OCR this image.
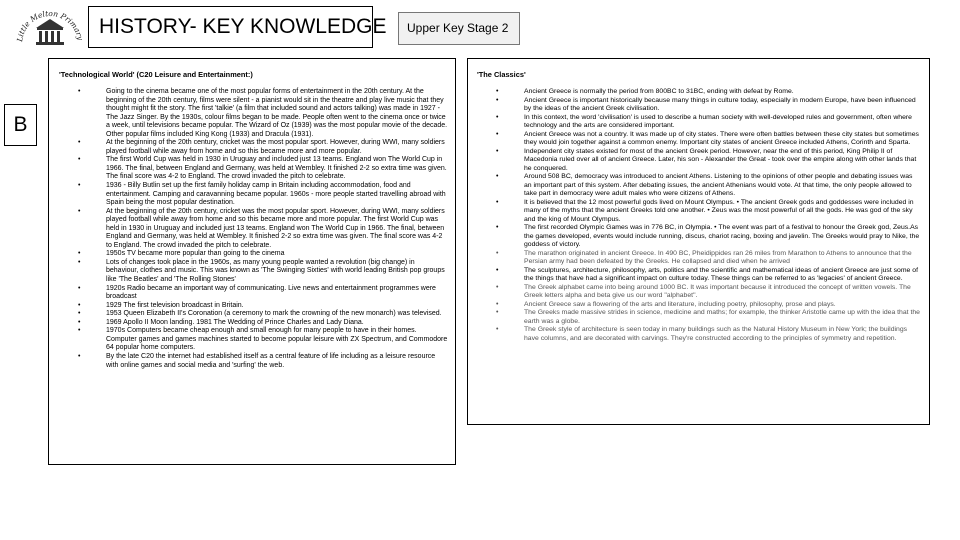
Little Melton Primary
HISTORY- KEY KNOWLEDGE	Upper Key Stage 2
B
'Technological World' (C20 Leisure and Entertainment:)
• Going to the cinema became one of the most popular forms of entertainment in the 20th century. At the beginning of the 20th century, films were silent - a pianist would sit in the theatre and play live music that they thought might fit the story. The first 'talkie' (a film that included sound and actors talking) was made in 1927 - The Jazz Singer. By the 1930s, colour films began to be made. People often went to the cinema once or twice a week, until televisions became popular. The Wizard of Oz (1939) was the most popular movie of the decade. Other popular films included King Kong (1933) and Dracula (1931).
• At the beginning of the 20th century, cricket was the most popular sport. However, during WWI, many soldiers played football while away from home and so this became more and more popular.
• The first World Cup was held in 1930 in Uruguay and included just 13 teams. England won The World Cup in 1966. The final, between England and Germany, was held at Wembley. It finished 2-2 so extra time was given. The final score was 4-2 to England. The crowd invaded the pitch to celebrate.
• 1936 - Billy Butlin set up the first family holiday camp in Britain including accommodation, food and entertainment. Camping and caravanning became popular. 1960s - more people started travelling abroad with Spain being the most popular destination.
• At the beginning of the 20th century, cricket was the most popular sport. However, during WWI, many soldiers played football while away from home and so this became more and more popular. The first World Cup was held in 1930 in Uruguay and included just 13 teams. England won The World Cup in 1966. The final, between England and Germany, was held at Wembley. It finished 2-2 so extra time was given. The final score was 4-2 to England. The crowd invaded the pitch to celebrate.
• 1950s TV became more popular than going to the cinema
• Lots of changes took place in the 1960s, as many young people wanted a revolution (big change) in behaviour, clothes and music. This was known as 'The Swinging Sixties' with world leading British pop groups like 'The Beatles' and 'The Rolling Stones'
• 1920s Radio became an important way of communicating. Live news and entertainment programmes were broadcast
• 1929 The first television broadcast in Britain.
• 1953 Queen Elizabeth II's Coronation (a ceremony to mark the crowning of the new monarch) was televised.
• 1969 Apollo II Moon landing. 1981 The Wedding of Prince Charles and Lady Diana.
• 1970s Computers became cheap enough and small enough for many people to have in their homes. Computer games and games machines started to become popular leisure with ZX Spectrum, and Commodore 64 popular home computers.
• By the late C20 the internet had established itself as a central feature of life including as a leisure resource with online games and social media and 'surfing' the web.
'The Classics'
• Ancient Greece is normally the period from 800BC to 31BC, ending with defeat by Rome.
• Ancient Greece is important historically because many things in culture today, especially in modern Europe, have been influenced by the ideas of the ancient Greek civilisation.
• In this context, the word 'civilisation' is used to describe a human society with well-developed rules and government, often where technology and the arts are considered important.
• Ancient Greece was not a country. It was made up of city states. There were often battles between these city states but sometimes they would join together against a common enemy. Important city states of ancient Greece included Athens, Corinth and Sparta.
• Independent city states existed for most of the ancient Greek period. However, near the end of this period, King Philip II of Macedonia ruled over all of ancient Greece. Later, his son - Alexander the Great - took over the empire along with other lands that he conquered.
• Around 508 BC, democracy was introduced to ancient Athens. Listening to the opinions of other people and debating issues was an important part of this system. After debating issues, the ancient Athenians would vote. At that time, the only people allowed to take part in democracy were adult males who were citizens of Athens.
• It is believed that the 12 most powerful gods lived on Mount Olympus. • The ancient Greek gods and goddesses were included in many of the myths that the ancient Greeks told one another. • Zeus was the most powerful of all the gods. He was god of the sky and the king of Mount Olympus.
• The first recorded Olympic Games was in 776 BC, in Olympia. • The event was part of a festival to honour the Greek god, Zeus.As the games developed, events would include running, discus, chariot racing, boxing and javelin. The Greeks would pray to Nike, the goddess of victory.
• The marathon originated in ancient Greece. In 490 BC, Pheidippides ran 26 miles from Marathon to Athens to announce that the Persian army had been defeated by the Greeks. He collapsed and died when he arrived
• The sculptures, architecture, philosophy, arts, politics and the scientific and mathematical ideas of ancient Greece are just some of the things that have had a significant impact on culture today. These things can be referred to as 'legacies' of ancient Greece.
• The Greek alphabet came into being around 1000 BC. It was important because it introduced the concept of written vowels. The Greek letters alpha and beta give us our word "alphabet".
• Ancient Greece saw a flowering of the arts and literature, including poetry, philosophy, prose and plays.
• The Greeks made massive strides in science, medicine and maths; for example, the thinker Aristotle came up with the idea that the earth was a globe.
• The Greek style of architecture is seen today in many buildings such as the Natural History Museum in New York; the buildings have columns, and are decorated with carvings. They're constructed according to the principles of symmetry and repetition.
